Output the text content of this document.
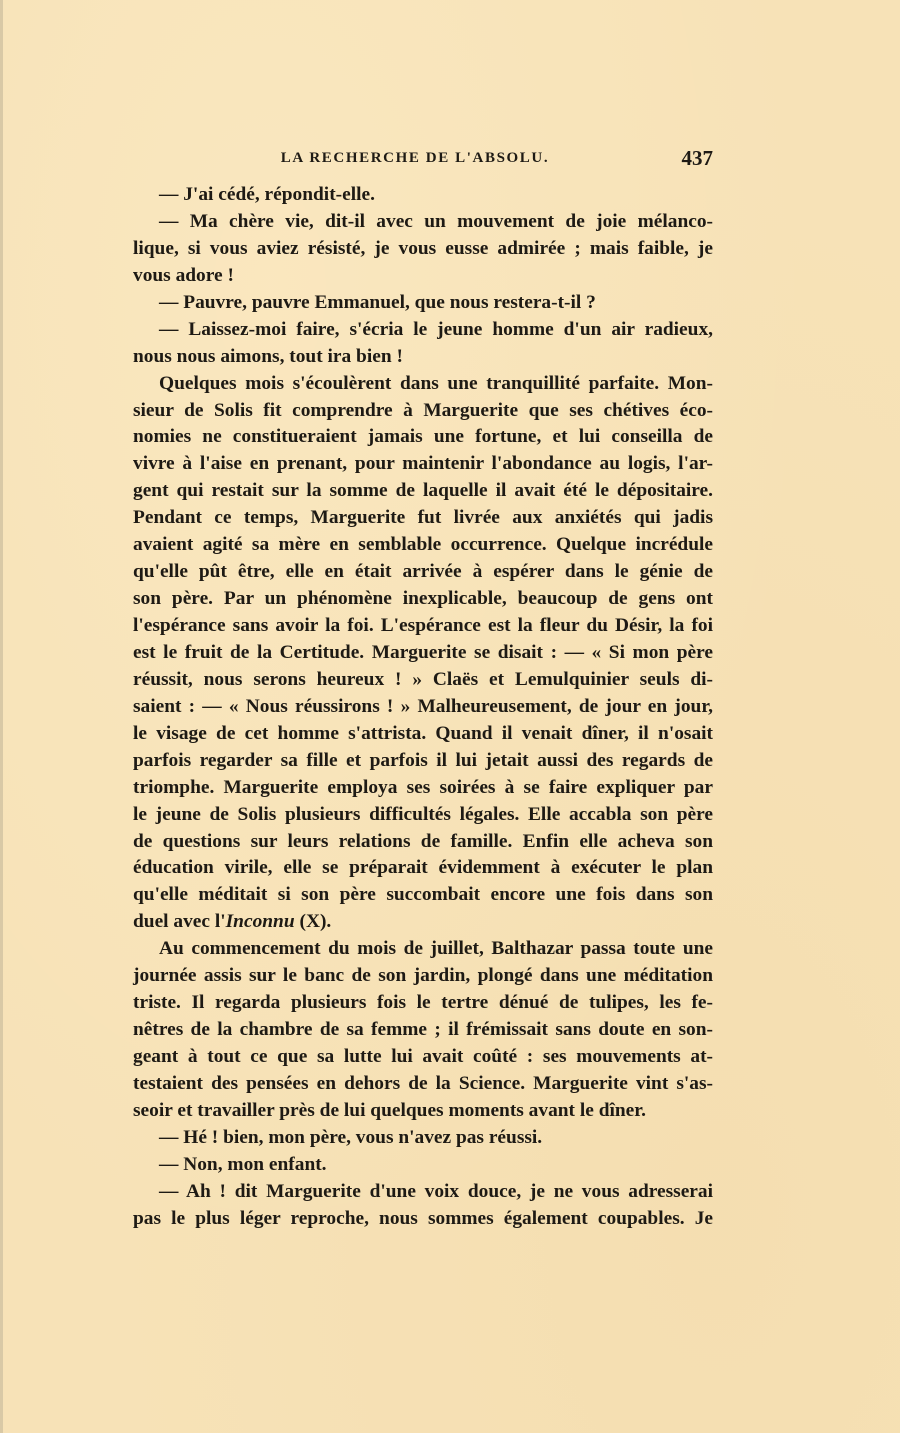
LA RECHERCHE DE L'ABSOLU.	437
— J'ai cédé, répondit-elle.
— Ma chère vie, dit-il avec un mouvement de joie mélanco-
lique, si vous aviez résisté, je vous eusse admirée ; mais faible, je
vous adore !
— Pauvre, pauvre Emmanuel, que nous restera-t-il ?
— Laissez-moi faire, s'écria le jeune homme d'un air radieux,
nous nous aimons, tout ira bien !
Quelques mois s'écoulèrent dans une tranquillité parfaite. Mon-
sieur de Solis fit comprendre à Marguerite que ses chétives éco-
nomies ne constitueraient jamais une fortune, et lui conseilla de
vivre à l'aise en prenant, pour maintenir l'abondance au logis, l'ar-
gent qui restait sur la somme de laquelle il avait été le dépositaire.
Pendant ce temps, Marguerite fut livrée aux anxiétés qui jadis
avaient agité sa mère en semblable occurrence. Quelque incrédule
qu'elle pût être, elle en était arrivée à espérer dans le génie de
son père. Par un phénomène inexplicable, beaucoup de gens ont
l'espérance sans avoir la foi. L'espérance est la fleur du Désir, la foi
est le fruit de la Certitude. Marguerite se disait : — « Si mon père
réussit, nous serons heureux ! » Claës et Lemulquinier seuls di-
saient : — « Nous réussirons ! » Malheureusement, de jour en jour,
le visage de cet homme s'attrista. Quand il venait dîner, il n'osait
parfois regarder sa fille et parfois il lui jetait aussi des regards de
triomphe. Marguerite employa ses soirées à se faire expliquer par
le jeune de Solis plusieurs difficultés légales. Elle accabla son père
de questions sur leurs relations de famille. Enfin elle acheva son
éducation virile, elle se préparait évidemment à exécuter le plan
qu'elle méditait si son père succombait encore une fois dans son
duel avec l'Inconnu (X).
Au commencement du mois de juillet, Balthazar passa toute une
journée assis sur le banc de son jardin, plongé dans une méditation
triste. Il regarda plusieurs fois le tertre dénué de tulipes, les fe-
nêtres de la chambre de sa femme ; il frémissait sans doute en son-
geant à tout ce que sa lutte lui avait coûté : ses mouvements at-
testaient des pensées en dehors de la Science. Marguerite vint s'as-
seoir et travailler près de lui quelques moments avant le dîner.
— Hé ! bien, mon père, vous n'avez pas réussi.
— Non, mon enfant.
— Ah ! dit Marguerite d'une voix douce, je ne vous adresserai
pas le plus léger reproche, nous sommes également coupables. Je
